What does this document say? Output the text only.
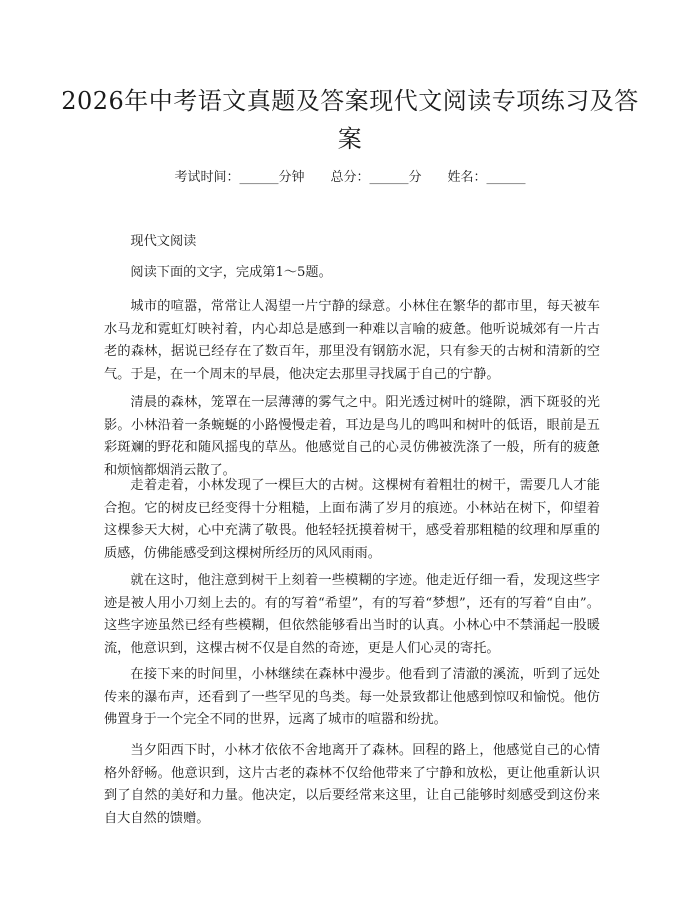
2026年中考语文真题及答案现代文阅读专项练习及答案
考试时间：______分钟 总分：______分 姓名：______
现代文阅读
阅读下面的文字，完成第1～5题。

城市的喧嚣，常常让人渴望一片宁静的绿意。小林住在繁华的都市里，每天被车水马龙和霓虹灯映衬着，内心却总是感到一种难以言喻的疲惫。他听说城郊有一片古老的森林，据说已经存在了数百年，那里没有钢筋水泥，只有参天的古树和清新的空气。于是，在一个周末的早晨，他决定去那里寻找属于自己的宁静。

清晨的森林，笼罩在一层薄薄的雾气之中。阳光透过树叶的缝隙，洒下斑驳的光影。小林沿着一条蜿蜒的小路慢慢走着，耳边是鸟儿的鸣叫和树叶的低语，眼前是五彩斑斓的野花和随风摇曳的草丛。他感觉自己的心灵仿佛被洗涤了一般，所有的疲惫和烦恼都烟消云散了。

走着走着，小林发现了一棵巨大的古树。这棵树有着粗壮的树干，需要几人才能合抱。它的树皮已经变得十分粗糙，上面布满了岁月的痕迹。小林站在树下，仰望着这棵参天大树，心中充满了敬畏。他轻轻抚摸着树干，感受着那粗糙的纹理和厚重的质感，仿佛能感受到这棵树所经历的风风雨雨。

就在这时，他注意到树干上刻着一些模糊的字迹。他走近仔细一看，发现这些字迹是被人用小刀刻上去的。有的写着“希望”，有的写着“梦想”，还有的写着“自由”。这些字迹虽然已经有些模糊，但依然能够看出当时的认真。小林心中不禁涌起一股暖流，他意识到，这棵古树不仅是自然的奇迹，更是人们心灵的寄托。

在接下来的时间里，小林继续在森林中漫步。他看到了清澈的溪流，听到了远处传来的瀑布声，还看到了一些罕见的鸟类。每一处景致都让他感到惊叹和愉悦。他仿佛置身于一个完全不同的世界，远离了城市的喧嚣和纷扰。

当夕阳西下时，小林才依依不舍地离开了森林。回程的路上，他感觉自己的心情格外舒畅。他意识到，这片古老的森林不仅给他带来了宁静和放松，更让他重新认识到了自然的美好和力量。他决定，以后要经常来这里，让自己能够时刻感受到这份来自大自然的馈赠。
